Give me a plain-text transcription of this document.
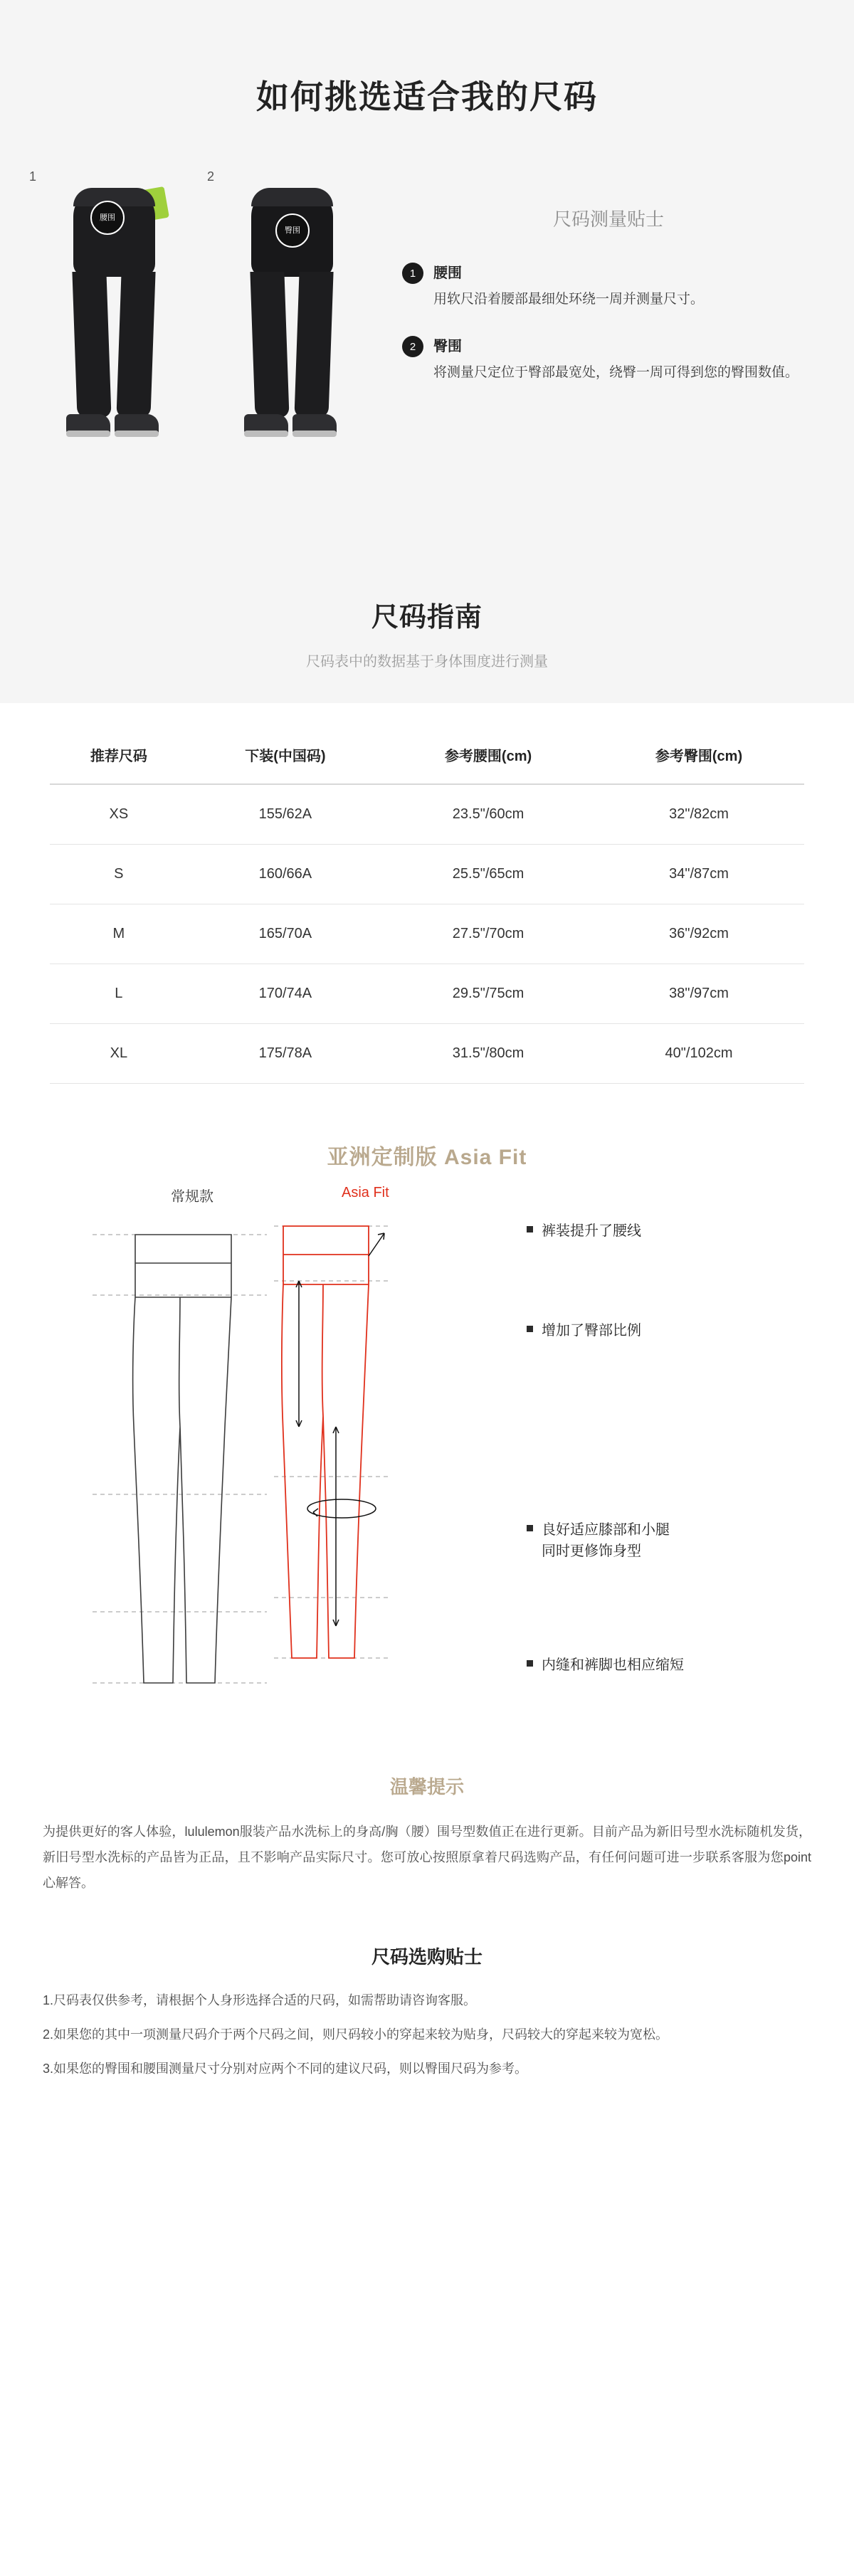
如何挑选适合我的尺码
1
腰围
2
臀围
尺码测量贴士
1	腰围
用软尺沿着腰部最细处环绕一周并测量尺寸。
2	臀围
将测量尺定位于臀部最宽处，绕臀一周可得到您的臀围数值。
尺码指南
尺码表中的数据基于身体围度进行测量
推荐尺码	下装(中国码)	参考腰围(cm)	参考臀围(cm)
XS	155/62A	23.5"/60cm	32"/82cm
S	160/66A	25.5"/65cm	34"/87cm
M	165/70A	27.5"/70cm	36"/92cm
L	170/74A	29.5"/75cm	38"/97cm
XL	175/78A	31.5"/80cm	40"/102cm
亚洲定制版 Asia Fit
常规款	Asia Fit
裤装提升了腰线
增加了臀部比例
良好适应膝部和小腿
同时更修饰身型
内缝和裤脚也相应缩短
温馨提示
为提供更好的客人体验，lululemon服装产品水洗标上的身高/胸（腰）围号型数值正在进行更新。目前产品为新旧号型水洗标随机发货，新旧号型水洗标的产品皆为正品，且不影响产品实际尺寸。您可放心按照原拿着尺码选购产品，有任何问题可进一步联系客服为您point心解答。
尺码选购贴士
1.尺码表仅供参考，请根据个人身形选择合适的尺码，如需帮助请咨询客服。
2.如果您的其中一项测量尺码介于两个尺码之间，则尺码较小的穿起来较为贴身，尺码较大的穿起来较为宽松。
3.如果您的臀围和腰围测量尺寸分别对应两个不同的建议尺码，则以臀围尺码为参考。
